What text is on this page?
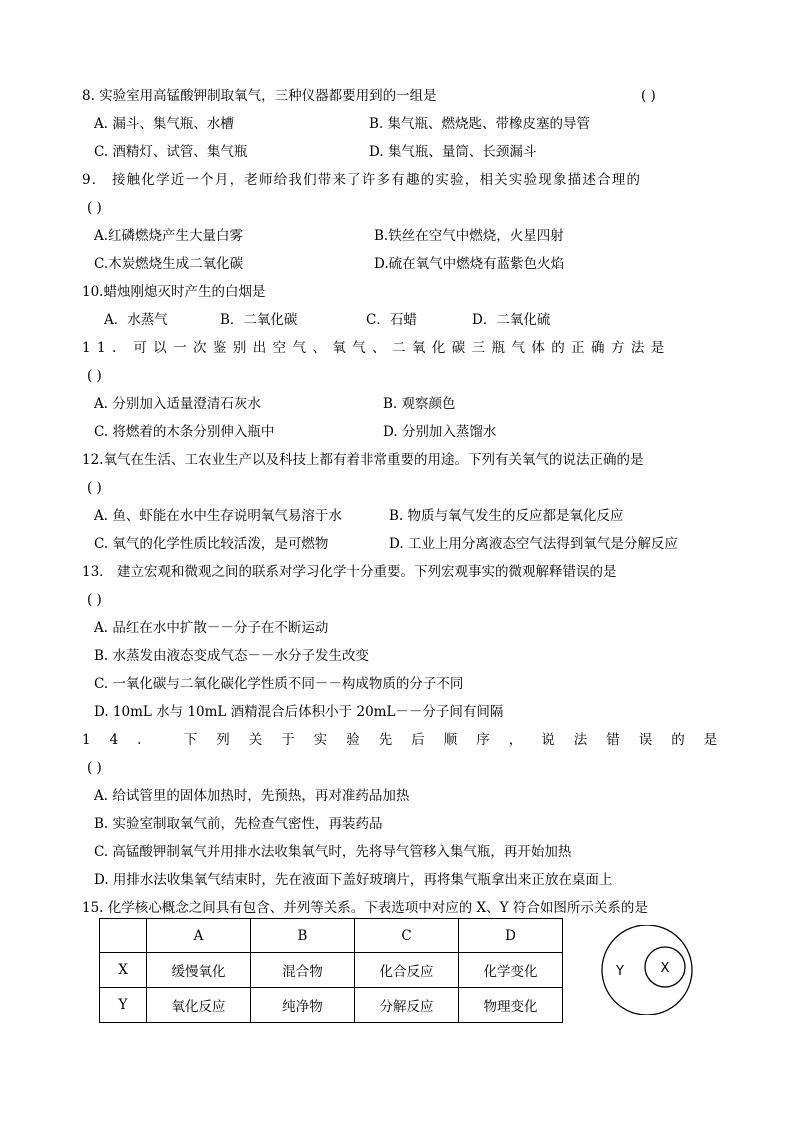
8. 实验室用高锰酸钾制取氧气，三种仪器都要用到的一组是	( )
A. 漏斗、集气瓶、水槽	B. 集气瓶、燃烧匙、带橡皮塞的导管
C. 酒精灯、试管、集气瓶	D. 集气瓶、量筒、长颈漏斗
9． 接触化学近一个月，老师给我们带来了许多有趣的实验，相关实验现象描述合理的
( )
A.红磷燃烧产生大量白雾	B.铁丝在空气中燃烧，火星四射
C.木炭燃烧生成二氧化碳	D.硫在氧气中燃烧有蓝紫色火焰
10.蜡烛刚熄灭时产生的白烟是
A．水蒸气	B．二氧化碳	C．石蜡	D．二氧化硫
11. 可以一次鉴别出空气、氧气、二氧化碳三瓶气体的正确方法是
( )
A. 分别加入适量澄清石灰水	B. 观察颜色
C. 将燃着的木条分别伸入瓶中	D. 分别加入蒸馏水
12.氧气在生活、工农业生产以及科技上都有着非常重要的用途。下列有关氧气的说法正确的是
( )
A. 鱼、虾能在水中生存说明氧气易溶于水	B. 物质与氧气发生的反应都是氧化反应
C. 氧气的化学性质比较活泼，是可燃物	D. 工业上用分离液态空气法得到氧气是分解反应
13． 建立宏观和微观之间的联系对学习化学十分重要。下列宏观事实的微观解释错误的是
( )
A. 品红在水中扩散－－分子在不断运动
B. 水蒸发由液态变成气态－－水分子发生改变
C. 一氧化碳与二氧化碳化学性质不同－－构成物质的分子不同
D. 10mL 水与 10mL 酒精混合后体积小于 20mL－－分子间有间隔
14. 下列关于实验先后顺序，说法错误的是
( )
A. 给试管里的固体加热时，先预热，再对准药品加热
B. 实验室制取氧气前，先检查气密性，再装药品
C. 高锰酸钾制氧气并用排水法收集氧气时，先将导气管移入集气瓶，再开始加热
D. 用排水法收集氧气结束时，先在液面下盖好玻璃片，再将集气瓶拿出来正放在桌面上
15. 化学核心概念之间具有包含、并列等关系。下表选项中对应的 X、Y 符合如图所示关系的是
	A	B	C	D
X	缓慢氧化	混合物	化合反应	化学变化
Y	氧化反应	纯净物	分解反应	物理变化
Y	X
